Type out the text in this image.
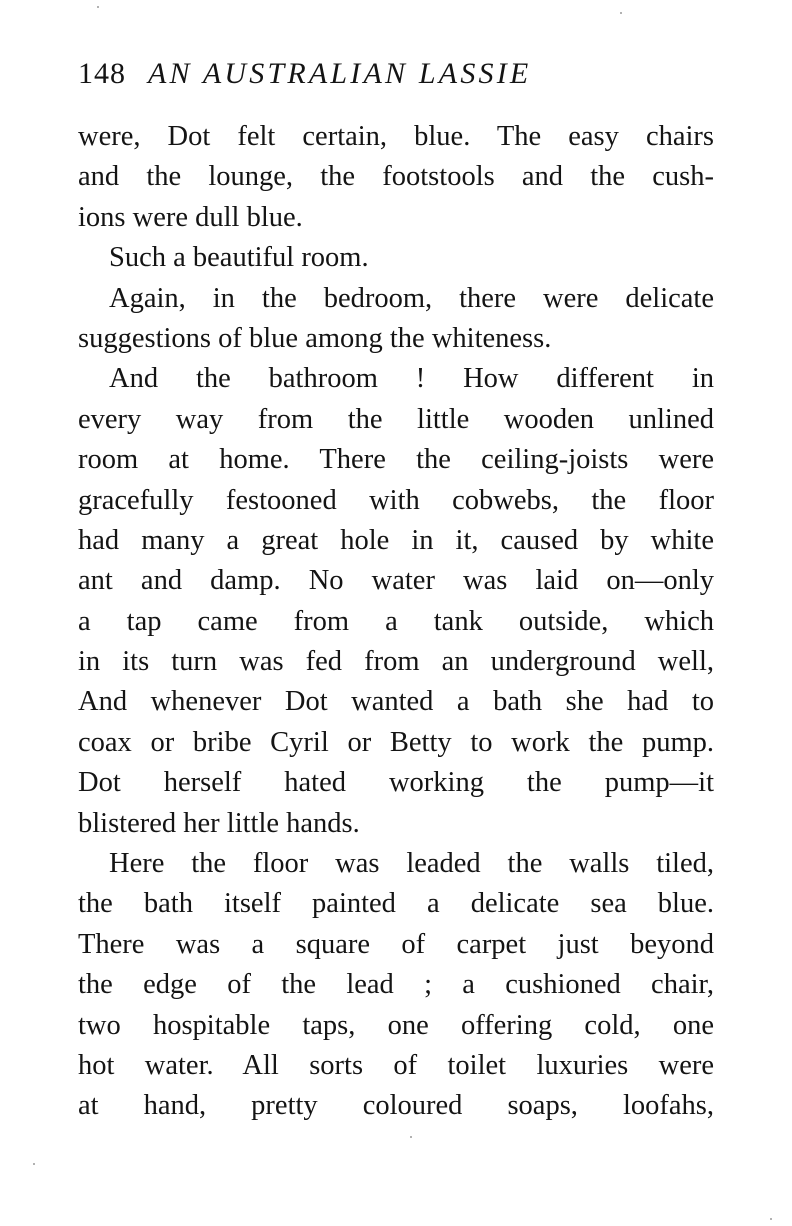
148 AN AUSTRALIAN LASSIE
were, Dot felt certain, blue. The easy chairs
and the lounge, the footstools and the cush-
ions were dull blue.
Such a beautiful room.
Again, in the bedroom, there were delicate
suggestions of blue among the whiteness.
And the bathroom ! How different in
every way from the little wooden unlined
room at home. There the ceiling-joists were
gracefully festooned with cobwebs, the floor
had many a great hole in it, caused by white
ant and damp. No water was laid on—only
a tap came from a tank outside, which
in its turn was fed from an underground well,
And whenever Dot wanted a bath she had to
coax or bribe Cyril or Betty to work the pump.
Dot herself hated working the pump—it
blistered her little hands.
Here the floor was leaded the walls tiled,
the bath itself painted a delicate sea blue.
There was a square of carpet just beyond
the edge of the lead ; a cushioned chair,
two hospitable taps, one offering cold, one
hot water. All sorts of toilet luxuries were
at hand, pretty coloured soaps, loofahs,
